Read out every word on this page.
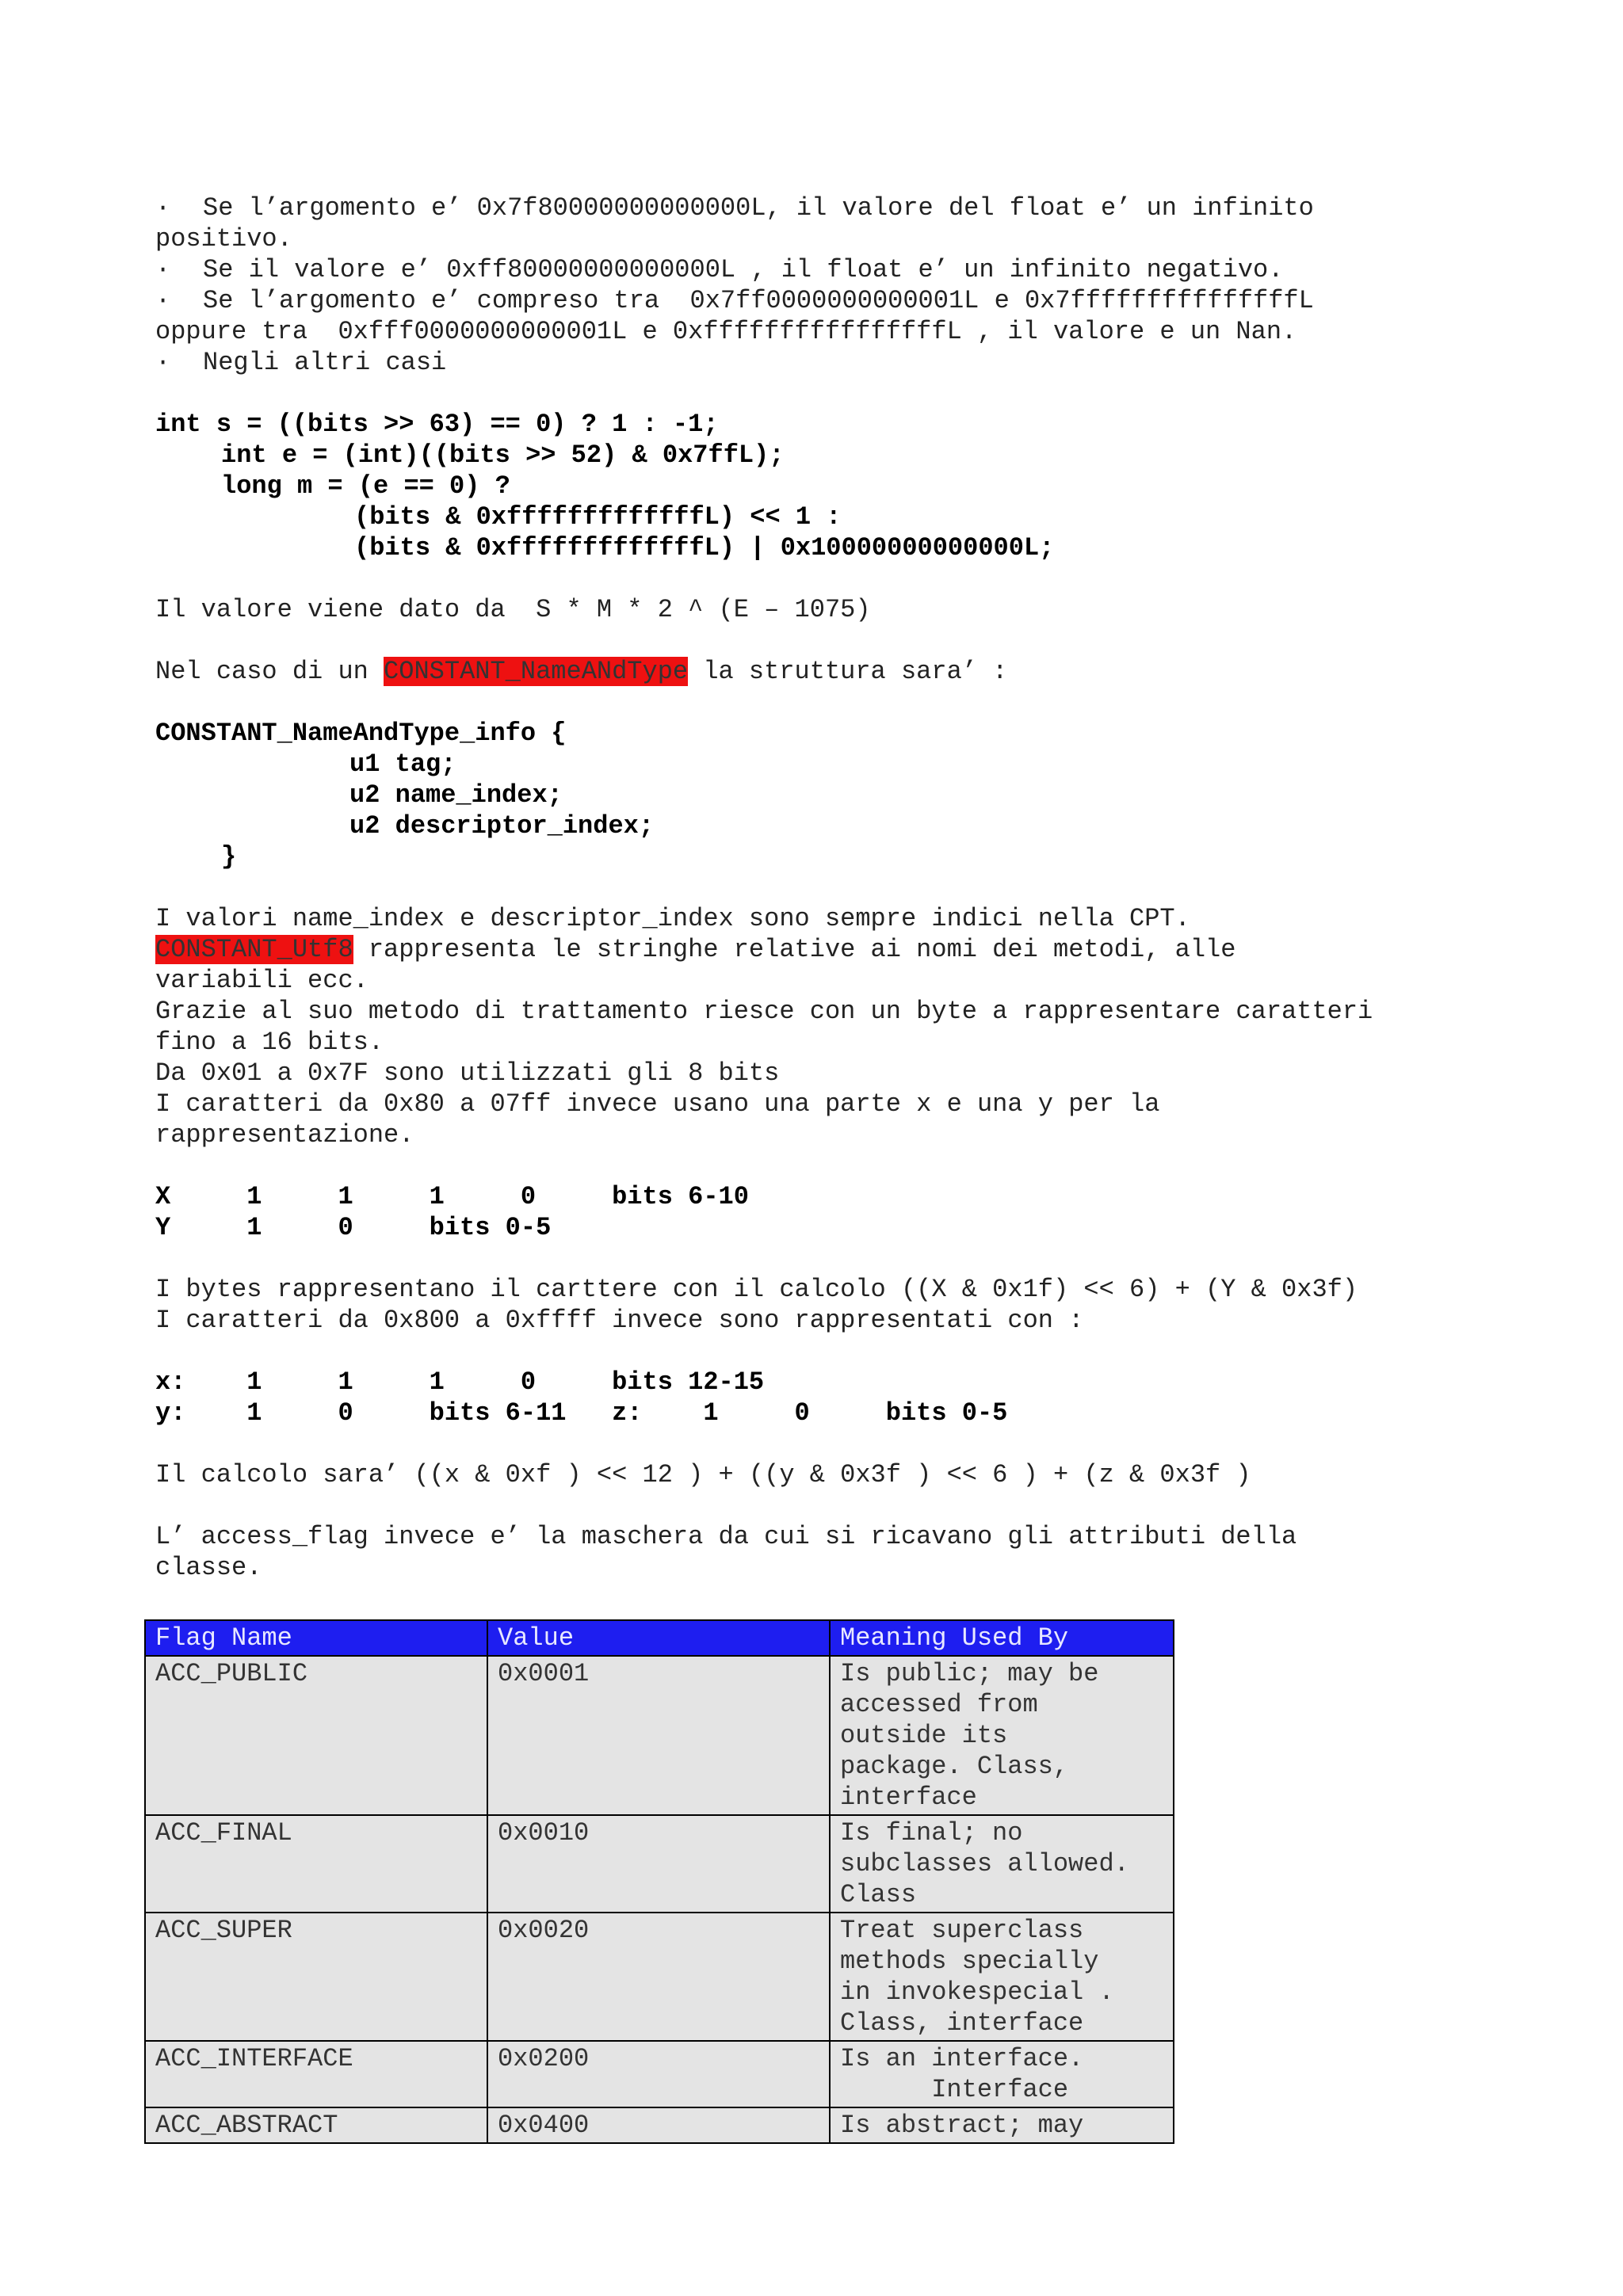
· Se l’argomento e’ 0x7f80000000000000L, il valore del float e’ un infinito

positivo.

· Se il valore e’ 0xff80000000000000L , il float e’ un infinito negativo.

· Se l’argomento e’ compreso tra  0x7ff0000000000001L e 0x7fffffffffffffffL

oppure tra  0xfff0000000000001L e 0xffffffffffffffffL , il valore e un Nan.

· Negli altri casi

int s = ((bits >> 63) == 0) ? 1 : -1;

int e = (int)((bits >> 52) & 0x7ffL);

long m = (e == 0) ?

(bits & 0xfffffffffffffL) << 1 :

(bits & 0xfffffffffffffL) | 0x10000000000000L;

Il valore viene dato da  S * M * 2 ^ (E – 1075)

Nel caso di un CONSTANT_NameANdType la struttura sara’ :

CONSTANT_NameAndType_info {

u1 tag;

u2 name_index;

u2 descriptor_index;

}

I valori name_index e descriptor_index sono sempre indici nella CPT.

CONSTANT_Utf8 rappresenta le stringhe relative ai nomi dei metodi, alle

variabili ecc.

Grazie al suo metodo di trattamento riesce con un byte a rappresentare caratteri

fino a 16 bits.

Da 0x01 a 0x7F sono utilizzati gli 8 bits

I caratteri da 0x80 a 07ff invece usano una parte x e una y per la

rappresentazione.

X     1     1     1     0     bits 6-10

Y     1     0     bits 0-5

I bytes rappresentano il carttere con il calcolo ((X & 0x1f) << 6) + (Y & 0x3f)

I caratteri da 0x800 a 0xffff invece sono rappresentati con :

x:    1     1     1     0     bits 12-15

y:    1     0     bits 6-11   z:    1     0     bits 0-5

Il calcolo sara’ ((x & 0xf ) << 12 ) + ((y & 0x3f ) << 6 ) + (z & 0x3f )

L’ access_flag invece e’ la maschera da cui si ricavano gli attributi della

classe.

Flag Name	Value	Meaning Used By
ACC_PUBLIC	0x0001	Is public; may be
accessed from
outside its
package. Class,
interface
ACC_FINAL	0x0010	Is final; no
subclasses allowed.
Class
ACC_SUPER	0x0020	Treat superclass
methods specially
in invokespecial .
Class, interface
ACC_INTERFACE	0x0200	Is an interface.
Interface
ACC_ABSTRACT	0x0400	Is abstract; may
